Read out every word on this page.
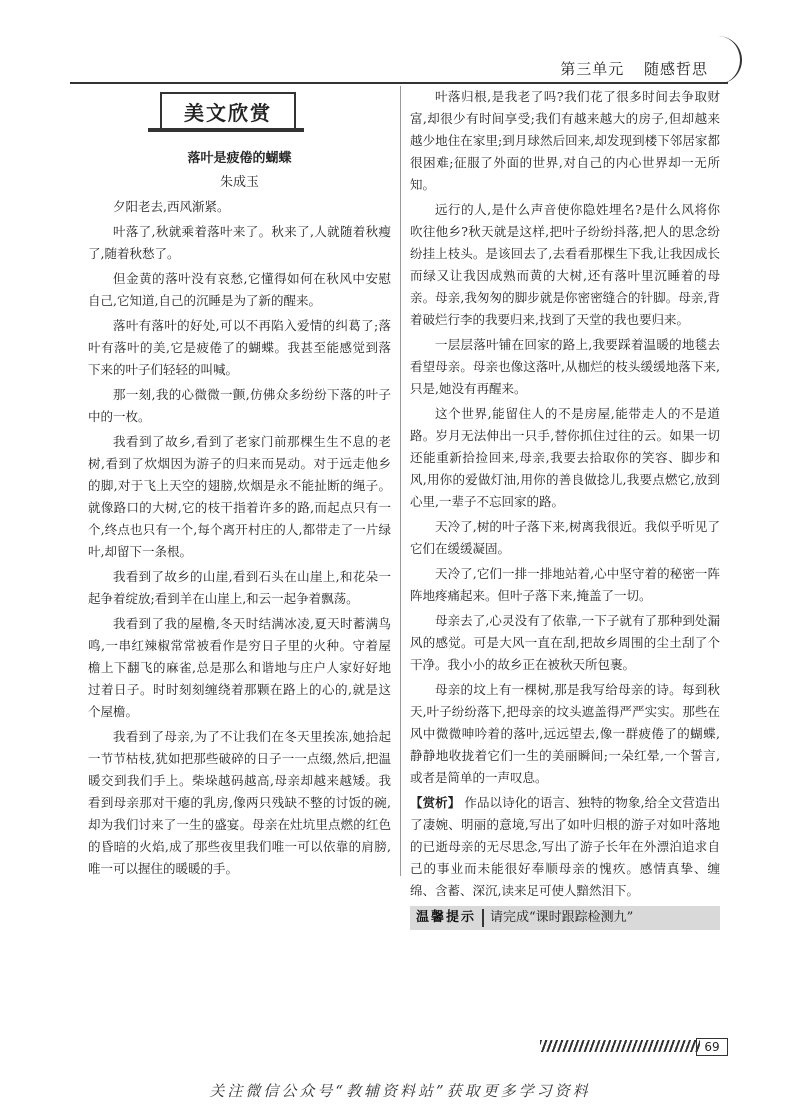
第三单元 随感哲思
美文欣赏
落叶是疲倦的蝴蝶
朱成玉

夕阳老去,西风渐紧。

叶落了,秋就乘着落叶来了。秋来了,人就随着秋瘦了,随着秋愁了。

但金黄的落叶没有哀愁,它懂得如何在秋风中安慰自己,它知道,自己的沉睡是为了新的醒来。

落叶有落叶的好处,可以不再陷入爱情的纠葛了;落叶有落叶的美,它是疲倦了的蝴蝶。我甚至能感觉到落下来的叶子们轻轻的叫喊。

那一刻,我的心微微一颤,仿佛众多纷纷下落的叶子中的一枚。

我看到了故乡,看到了老家门前那棵生生不息的老树,看到了炊烟因为游子的归来而晃动。对于远走他乡的脚,对于飞上天空的翅膀,炊烟是永不能扯断的绳子。就像路口的大树,它的枝干指着许多的路,而起点只有一个,终点也只有一个,每个离开村庄的人,都带走了一片绿叶,却留下一条根。

我看到了故乡的山崖,看到石头在山崖上,和花朵一起争着绽放;看到羊在山崖上,和云一起争着飘荡。

我看到了我的屋檐,冬天时结满冰凌,夏天时蓄满鸟鸣,一串红辣椒常常被看作是穷日子里的火种。守着屋檐上下翻飞的麻雀,总是那么和谐地与庄户人家好好地过着日子。时时刻刻缠绕着那颗在路上的心的,就是这个屋檐。

我看到了母亲,为了不让我们在冬天里挨冻,她拾起一节节枯枝,犹如把那些破碎的日子一一点缀,然后,把温暖交到我们手上。柴垛越码越高,母亲却越来越矮。我看到母亲那对干瘪的乳房,像两只残缺不整的讨饭的碗,却为我们讨来了一生的盛宴。母亲在灶坑里点燃的红色的昏暗的火焰,成了那些夜里我们唯一可以依靠的肩膀,唯一可以握住的暖暖的手。

叶落归根,是我老了吗?我们花了很多时间去争取财富,却很少有时间享受;我们有越来越大的房子,但却越来越少地住在家里;到月球然后回来,却发现到楼下邻居家都很困难;征服了外面的世界,对自己的内心世界却一无所知。

远行的人,是什么声音使你隐姓埋名?是什么风将你吹往他乡?秋天就是这样,把叶子纷纷抖落,把人的思念纷纷挂上枝头。是该回去了,去看看那棵生下我,让我因成长而绿又让我因成熟而黄的大树,还有落叶里沉睡着的母亲。母亲,我匆匆的脚步就是你密密缝合的针脚。母亲,背着破烂行李的我要归来,找到了天堂的我也要归来。

一层层落叶铺在回家的路上,我要踩着温暖的地毯去看望母亲。母亲也像这落叶,从枷烂的枝头缓缓地落下来,只是,她没有再醒来。

这个世界,能留住人的不是房屋,能带走人的不是道路。岁月无法伸出一只手,替你抓住过往的云。如果一切还能重新拾捡回来,母亲,我要去拾取你的笑容、脚步和风,用你的爱做灯油,用你的善良做捻儿,我要点燃它,放到心里,一辈子不忘回家的路。

天冷了,树的叶子落下来,树离我很近。我似乎听见了它们在缓缓凝固。

天冷了,它们一排一排地站着,心中坚守着的秘密一阵阵地疼痛起来。但叶子落下来,掩盖了一切。

母亲去了,心灵没有了依靠,一下子就有了那种到处漏风的感觉。可是大风一直在刮,把故乡周围的尘土刮了个干净。我小小的故乡正在被秋天所包裹。

母亲的坟上有一棵树,那是我写给母亲的诗。每到秋天,叶子纷纷落下,把母亲的坟头遮盖得严严实实。那些在风中微微呻吟着的落叶,远远望去,像一群疲倦了的蝴蝶,静静地收拢着它们一生的美丽瞬间;一朵红晕,一个誓言,或者是简单的一声叹息。

【赏析】 作品以诗化的语言、独特的物象,给全文营造出了凄婉、明丽的意境,写出了如叶归根的游子对如叶落地的已逝母亲的无尽思念,写出了游子长年在外漂泊追求自己的事业而未能很好奉顺母亲的愧疚。感情真挚、缠绵、含蓄、深沉,读来足可使人黯然泪下。

温馨提示	请完成“课时跟踪检测九”
69
关注微信公众号“教辅资料站”获取更多学习资料
